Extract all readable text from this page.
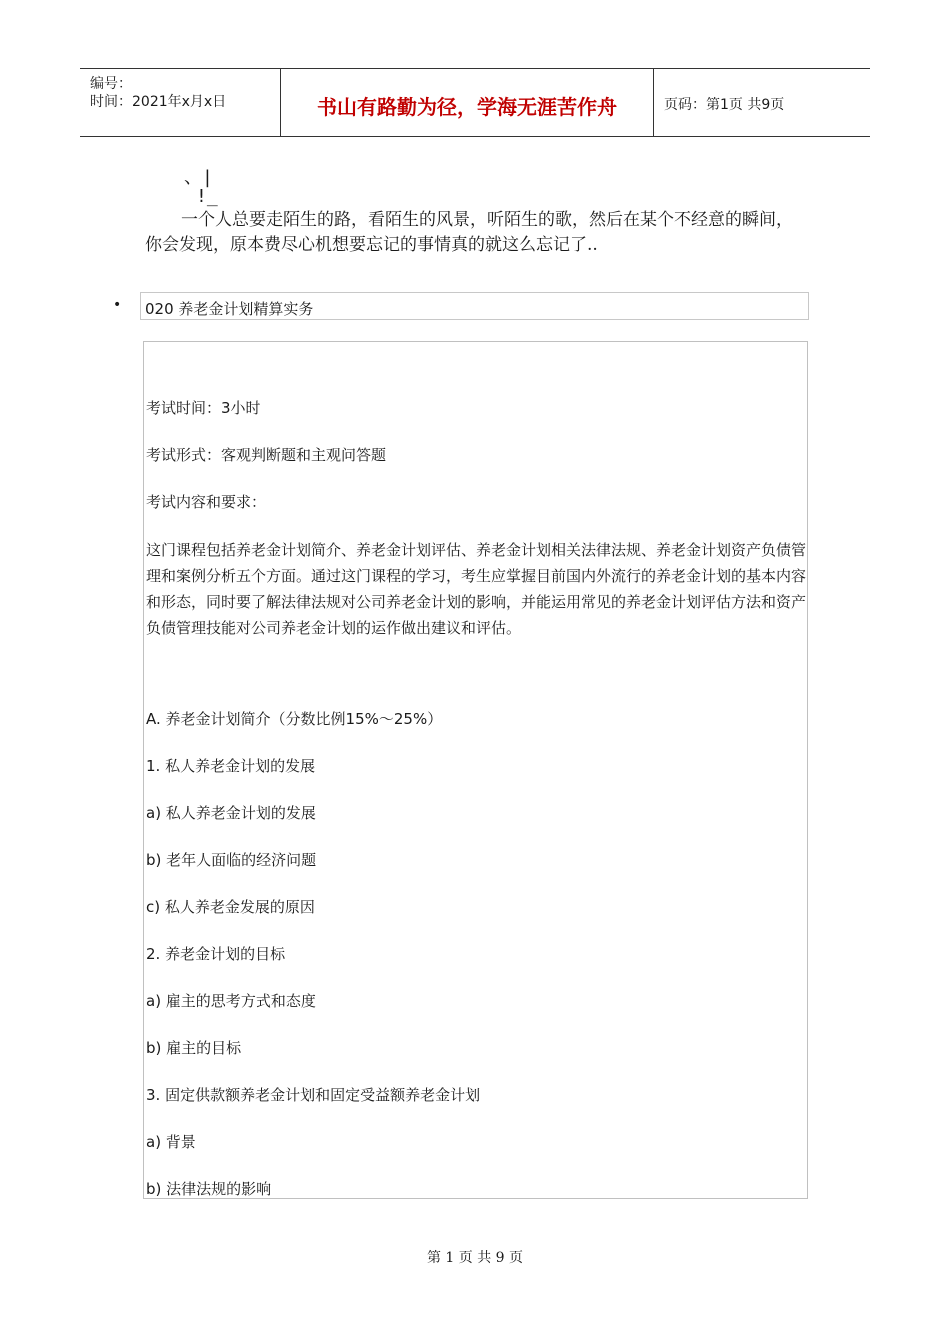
编号：
时间：2021年x月x日	书山有路勤为径，学海无涯苦作舟	页码：第1页 共9页
、|
!_
一个人总要走陌生的路，看陌生的风景，听陌生的歌，然后在某个不经意的瞬间，你会发现，原本费尽心机想要忘记的事情真的就这么忘记了..
• 020 养老金计划精算实务
考试时间：3小时
考试形式：客观判断题和主观问答题
考试内容和要求：
这门课程包括养老金计划简介、养老金计划评估、养老金计划相关法律法规、养老金计划资产负债管理和案例分析五个方面。通过这门课程的学习，考生应掌握目前国内外流行的养老金计划的基本内容和形态，同时要了解法律法规对公司养老金计划的影响，并能运用常见的养老金计划评估方法和资产负债管理技能对公司养老金计划的运作做出建议和评估。
A. 养老金计划简介（分数比例15%～25%）
1. 私人养老金计划的发展
a) 私人养老金计划的发展
b) 老年人面临的经济问题
c) 私人养老金发展的原因
2. 养老金计划的目标
a) 雇主的思考方式和态度
b) 雇主的目标
3. 固定供款额养老金计划和固定受益额养老金计划
a) 背景
b) 法律法规的影响
第 1 页 共 9 页
